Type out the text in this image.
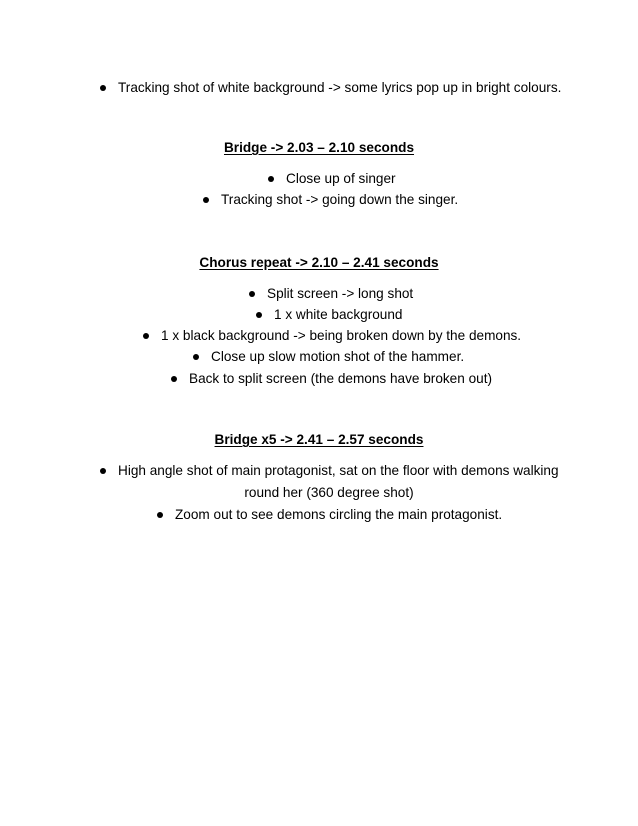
Tracking shot of white background -> some lyrics pop up in bright colours.
Bridge -> 2.03 – 2.10 seconds
Close up of singer
Tracking shot -> going down the singer.
Chorus repeat -> 2.10 – 2.41 seconds
Split screen -> long shot
1 x white background
1 x black background -> being broken down by the demons.
Close up slow motion shot of the hammer.
Back to split screen (the demons have broken out)
Bridge x5 -> 2.41 – 2.57 seconds
High angle shot of main protagonist, sat on the floor with demons walking
round her (360 degree shot)
Zoom out to see demons circling the main protagonist.
